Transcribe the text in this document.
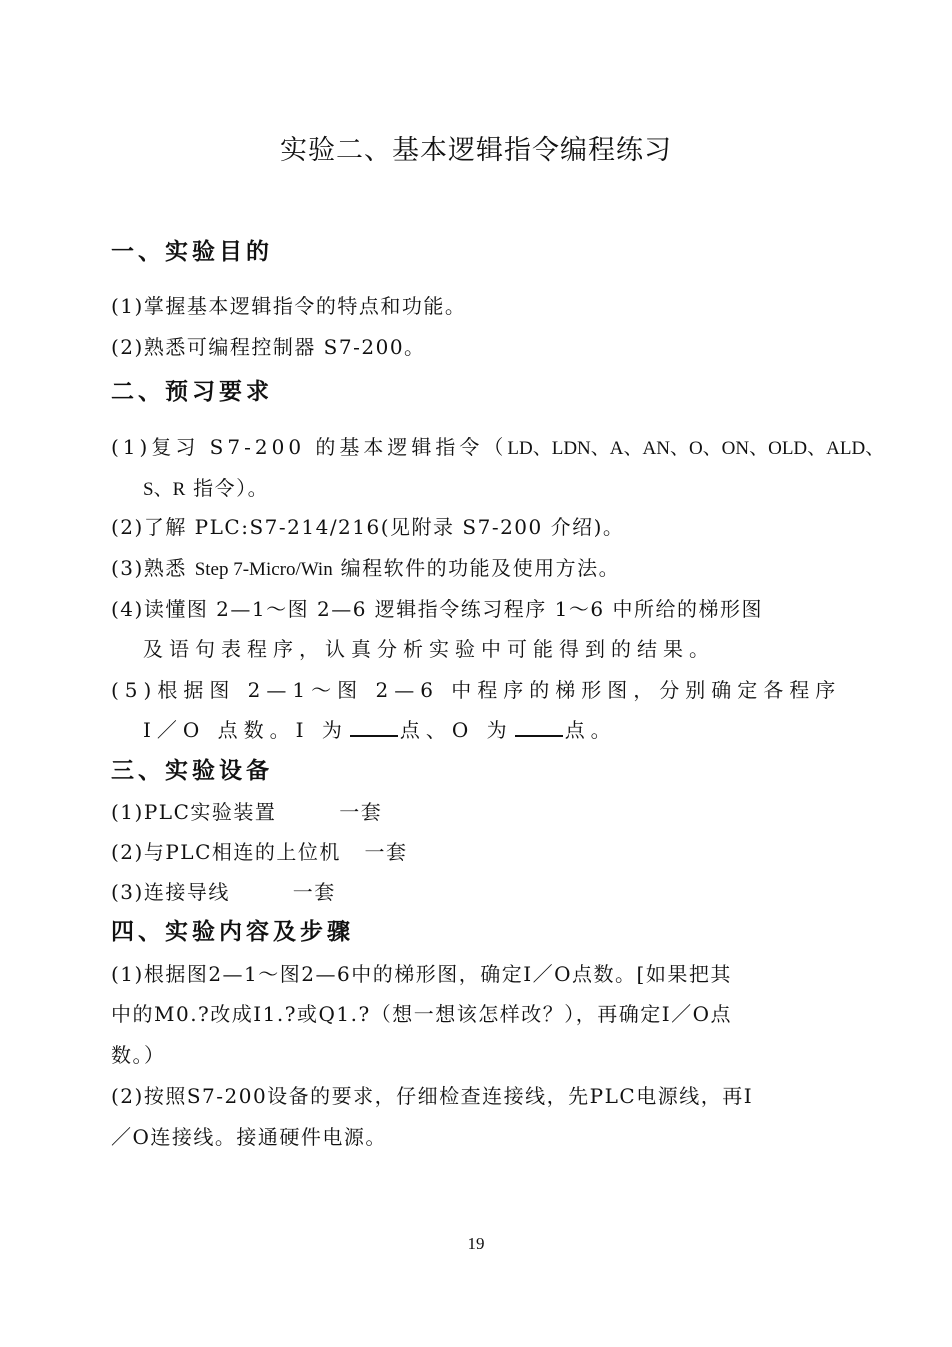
实验二、基本逻辑指令编程练习
一、实验目的
(1)掌握基本逻辑指令的特点和功能。
(2)熟悉可编程控制器 S7-200。
二、预习要求
(1)复习 S7-200 的基本逻辑指令（LD、LDN、A、AN、O、ON、OLD、ALD、
S、R 指令）。
(2)了解 PLC:S7-214/216(见附录 S7-200 介绍)。
(3)熟悉 Step 7-Micro/Win 编程软件的功能及使用方法。
(4)读懂图 2—1～图 2—6 逻辑指令练习程序 1～6 中所给的梯形图
及语句表程序，认真分析实验中可能得到的结果。
(5)根据图 2—1～图 2—6 中程序的梯形图，分别确定各程序
I／O 点数。I 为	点、O 为	点。
三、实验设备
(1)PLC实验装置        一套
(2)与PLC相连的上位机   一套
(3)连接导线        一套
四、实验内容及步骤
(1)根据图2—1～图2—6中的梯形图，确定I／O点数。[如果把其
中的M0.?改成I1.?或Q1.?（想一想该怎样改？），再确定I／O点
数。）
(2)按照S7-200设备的要求，仔细检查连接线，先PLC电源线，再I
／O连接线。接通硬件电源。
19
